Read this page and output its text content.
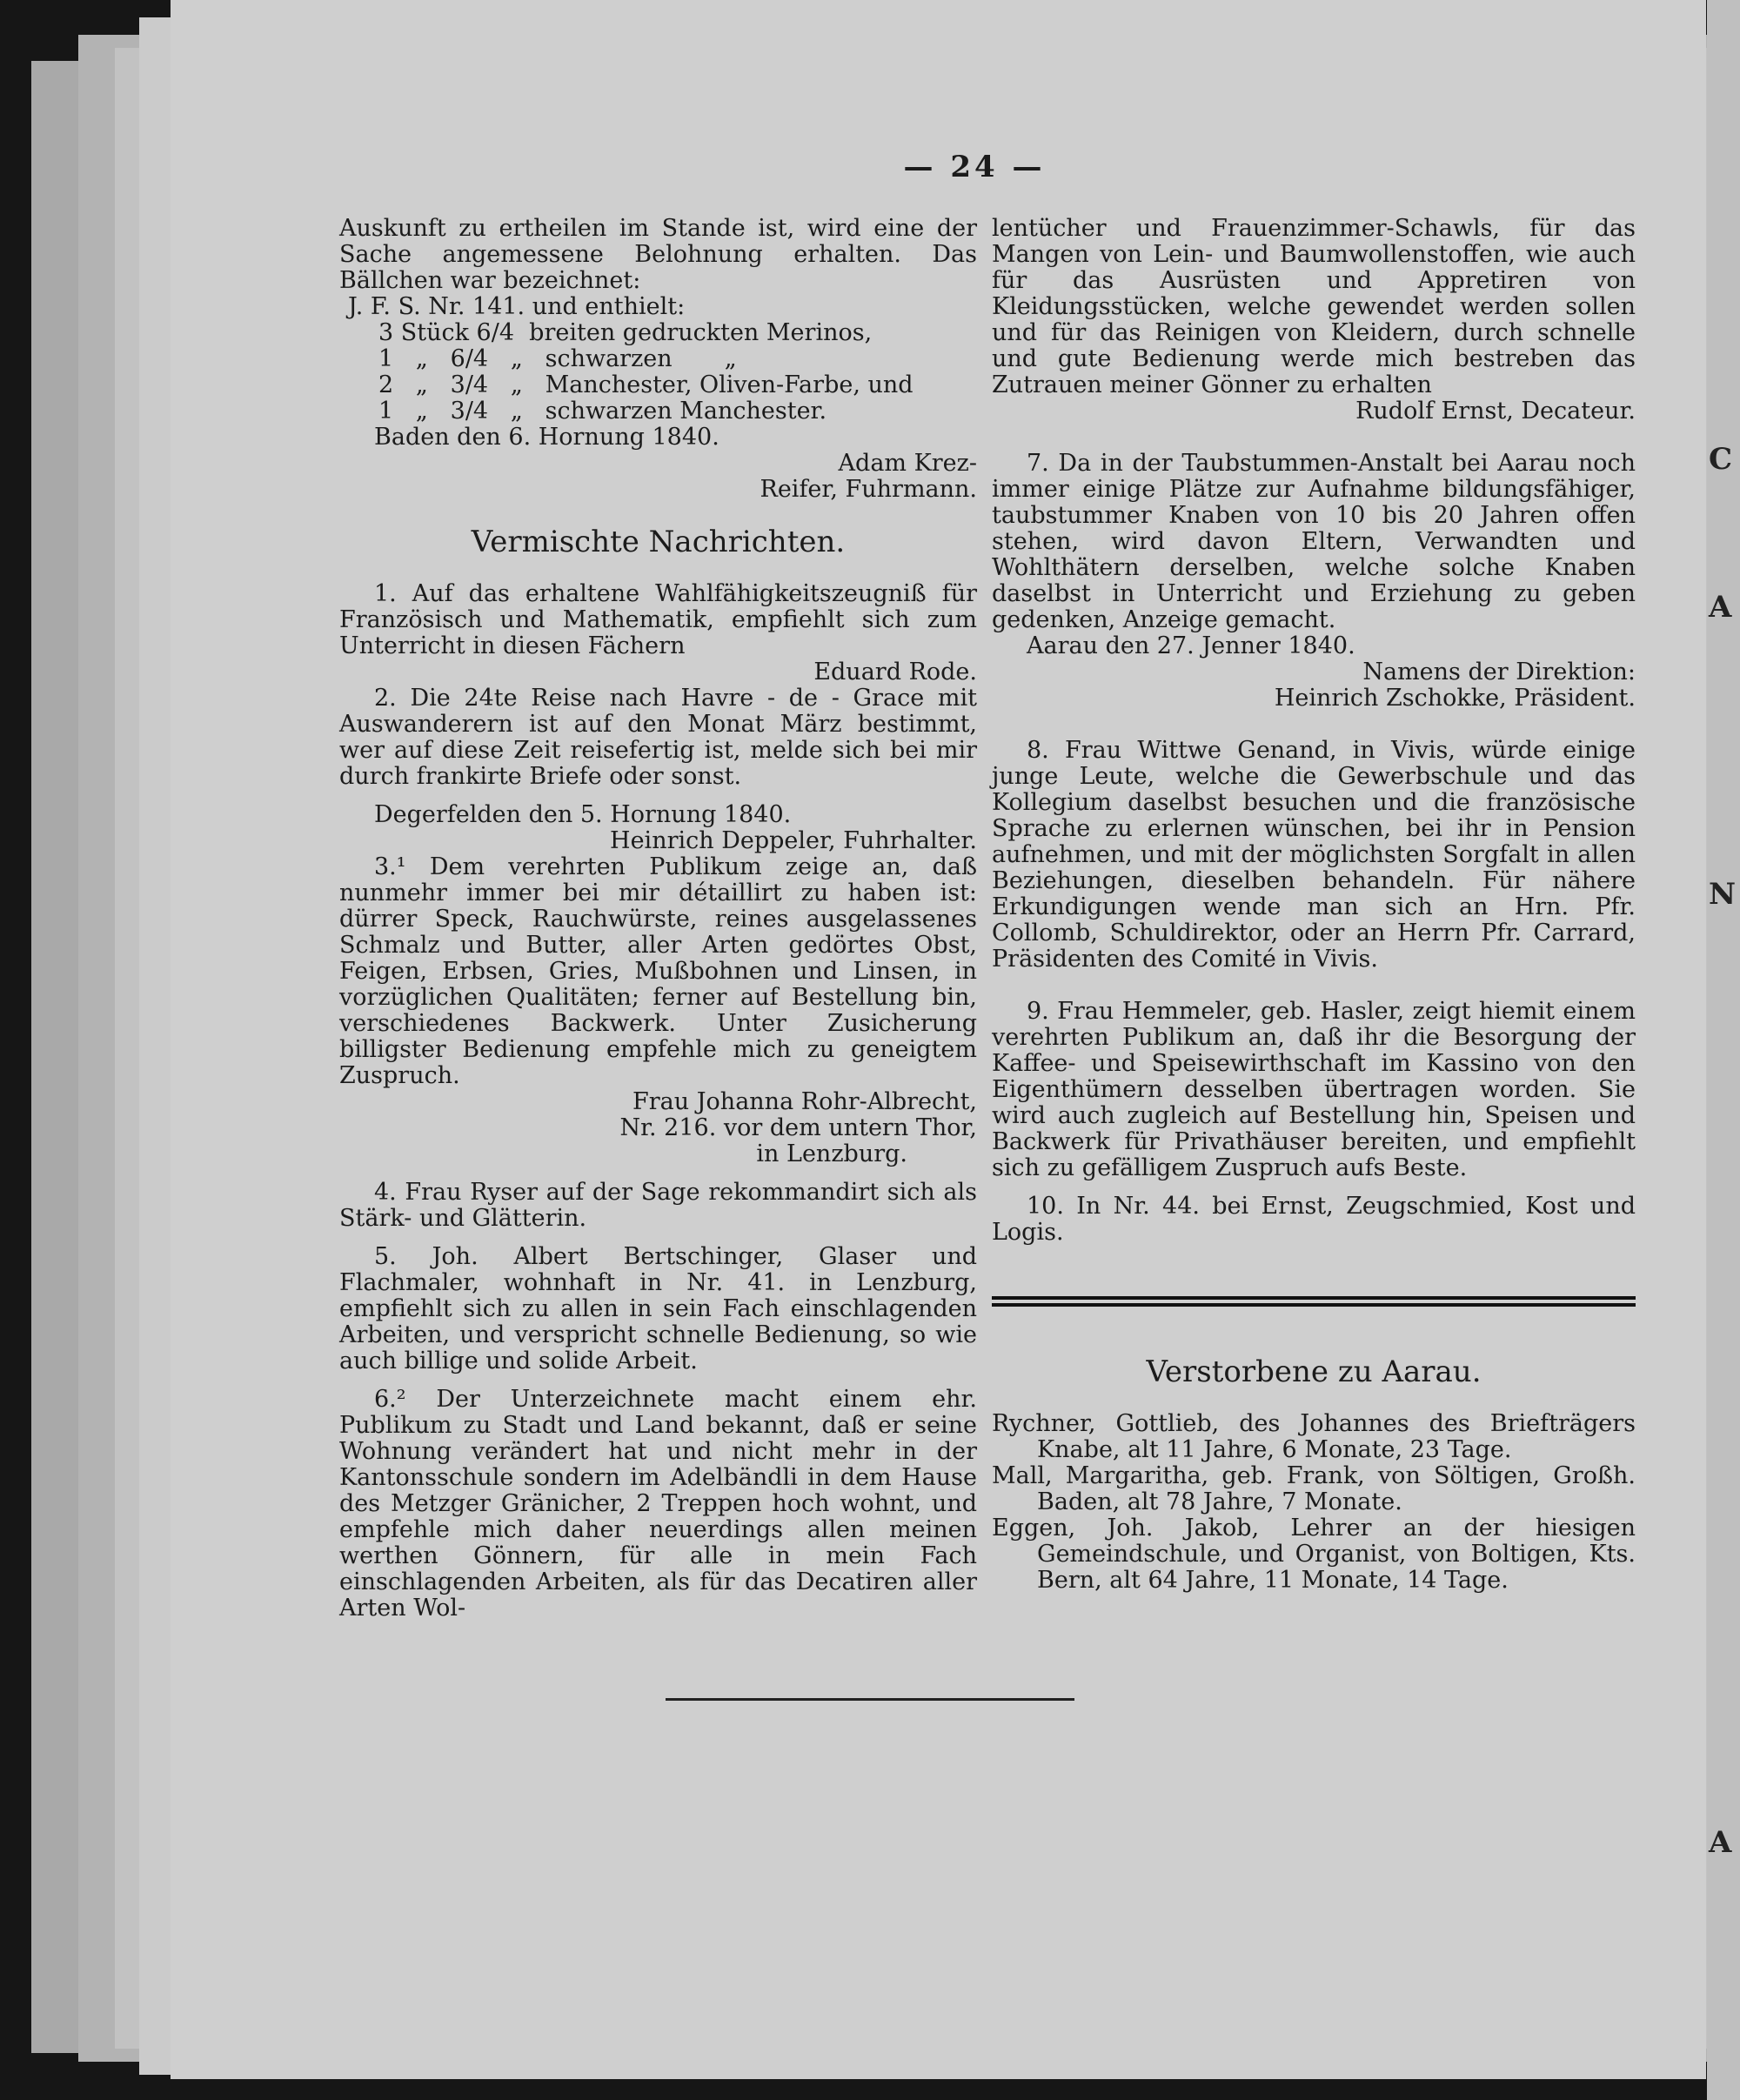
C
A
N
A
— 24 —

Auskunft zu ertheilen im Stande ist, wird eine der Sache angemessene Belohnung erhalten. Das Bällchen war bezeichnet:

J. F. S. Nr. 141. und enthielt:

3 Stück 6/4  breiten gedruckten Merinos,
1   „   6/4   „   schwarzen       „
2   „   3/4   „   Manchester, Oliven-Farbe, und
1   „   3/4   „   schwarzen Manchester.

Baden den 6. Hornung 1840.

Adam Krez-

Reifer, Fuhrmann.

Vermischte Nachrichten.

1. Auf das erhaltene Wahlfähigkeitszeugniß für Französisch und Mathematik, empfiehlt sich zum Unterricht in diesen Fächern

Eduard Rode.

2. Die 24te Reise nach Havre - de - Grace mit Auswanderern ist auf den Monat März bestimmt, wer auf diese Zeit reisefertig ist, melde sich bei mir durch frankirte Briefe oder sonst.

Degerfelden den 5. Hornung 1840.

Heinrich Deppeler, Fuhrhalter.

3.¹ Dem verehrten Publikum zeige an, daß nunmehr immer bei mir détaillirt zu haben ist: dürrer Speck, Rauchwürste, reines ausgelassenes Schmalz und Butter, aller Arten gedörtes Obst, Feigen, Erbsen, Gries, Mußbohnen und Linsen, in vorzüglichen Qualitäten; ferner auf Bestellung bin, verschiedenes Backwerk. Unter Zusicherung billigster Bedienung empfehle mich zu geneigtem Zuspruch.

Frau Johanna Rohr-Albrecht,

Nr. 216. vor dem untern Thor,

in Lenzburg.

4. Frau Ryser auf der Sage rekommandirt sich als Stärk- und Glätterin.

5. Joh. Albert Bertschinger, Glaser und Flachmaler, wohnhaft in Nr. 41. in Lenzburg, empfiehlt sich zu allen in sein Fach einschlagenden Arbeiten, und verspricht schnelle Bedienung, so wie auch billige und solide Arbeit.

6.² Der Unterzeichnete macht einem ehr. Publikum zu Stadt und Land bekannt, daß er seine Wohnung verändert hat und nicht mehr in der Kantonsschule sondern im Adelbändli in dem Hause des Metzger Gränicher, 2 Treppen hoch wohnt, und empfehle mich daher neuerdings allen meinen werthen Gönnern, für alle in mein Fach einschlagenden Arbeiten, als für das Decatiren aller Arten Wol-

lentücher und Frauenzimmer-Schawls, für das Mangen von Lein- und Baumwollenstoffen, wie auch für das Ausrüsten und Appretiren von Kleidungsstücken, welche gewendet werden sollen und für das Reinigen von Kleidern, durch schnelle und gute Bedienung werde mich bestreben das Zutrauen meiner Gönner zu erhalten

Rudolf Ernst, Decateur.

7. Da in der Taubstummen-Anstalt bei Aarau noch immer einige Plätze zur Aufnahme bildungsfähiger, taubstummer Knaben von 10 bis 20 Jahren offen stehen, wird davon Eltern, Verwandten und Wohlthätern derselben, welche solche Knaben daselbst in Unterricht und Erziehung zu geben gedenken, Anzeige gemacht.

Aarau den 27. Jenner 1840.

Namens der Direktion:

Heinrich Zschokke, Präsident.

8. Frau Wittwe Genand, in Vivis, würde einige junge Leute, welche die Gewerbschule und das Kollegium daselbst besuchen und die französische Sprache zu erlernen wünschen, bei ihr in Pension aufnehmen, und mit der möglichsten Sorgfalt in allen Beziehungen, dieselben behandeln. Für nähere Erkundigungen wende man sich an Hrn. Pfr. Collomb, Schuldirektor, oder an Herrn Pfr. Carrard, Präsidenten des Comité in Vivis.

9. Frau Hemmeler, geb. Hasler, zeigt hiemit einem verehrten Publikum an, daß ihr die Besorgung der Kaffee- und Speisewirthschaft im Kassino von den Eigenthümern desselben übertragen worden. Sie wird auch zugleich auf Bestellung hin, Speisen und Backwerk für Privathäuser bereiten, und empfiehlt sich zu gefälligem Zuspruch aufs Beste.

10. In Nr. 44. bei Ernst, Zeugschmied, Kost und Logis.

Verstorbene zu Aarau.

Rychner, Gottlieb, des Johannes des Briefträgers Knabe, alt 11 Jahre, 6 Monate, 23 Tage.

Mall, Margaritha, geb. Frank, von Söltigen, Großh. Baden, alt 78 Jahre, 7 Monate.

Eggen, Joh. Jakob, Lehrer an der hiesigen Gemeindschule, und Organist, von Boltigen, Kts. Bern, alt 64 Jahre, 11 Monate, 14 Tage.
